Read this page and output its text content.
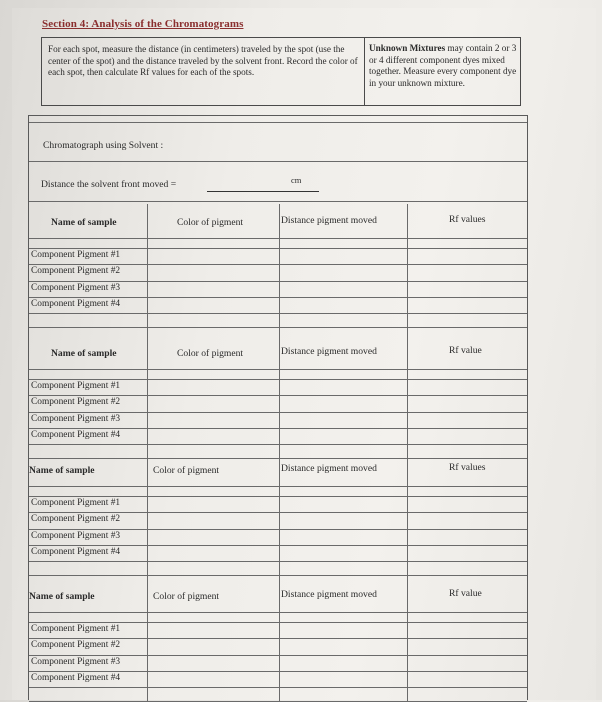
Section 4: Analysis of the Chromatograms
For each spot, measure the distance (in centimeters) traveled by the spot (use the center of the spot) and the distance traveled by the solvent front. Record the color of each spot, then calculate Rf values for each of the spots.
Unknown Mixtures may contain 2 or 3 or 4 different component dyes mixed together. Measure every component dye in your unknown mixture.
Chromatograph using Solvent :
Distance the solvent front moved =	cm
Name of sample	Color of pigment	Distance pigment moved	Rf values
Component Pigment #1
Component Pigment #2
Component Pigment #3
Component Pigment #4
Name of sample	Color of pigment	Distance pigment moved	Rf value
Component Pigment #1
Component Pigment #2
Component Pigment #3
Component Pigment #4
Name of sample	Color of pigment	Distance pigment moved	Rf values
Component Pigment #1
Component Pigment #2
Component Pigment #3
Component Pigment #4
Name of sample	Color of pigment	Distance pigment moved	Rf value
Component Pigment #1
Component Pigment #2
Component Pigment #3
Component Pigment #4
